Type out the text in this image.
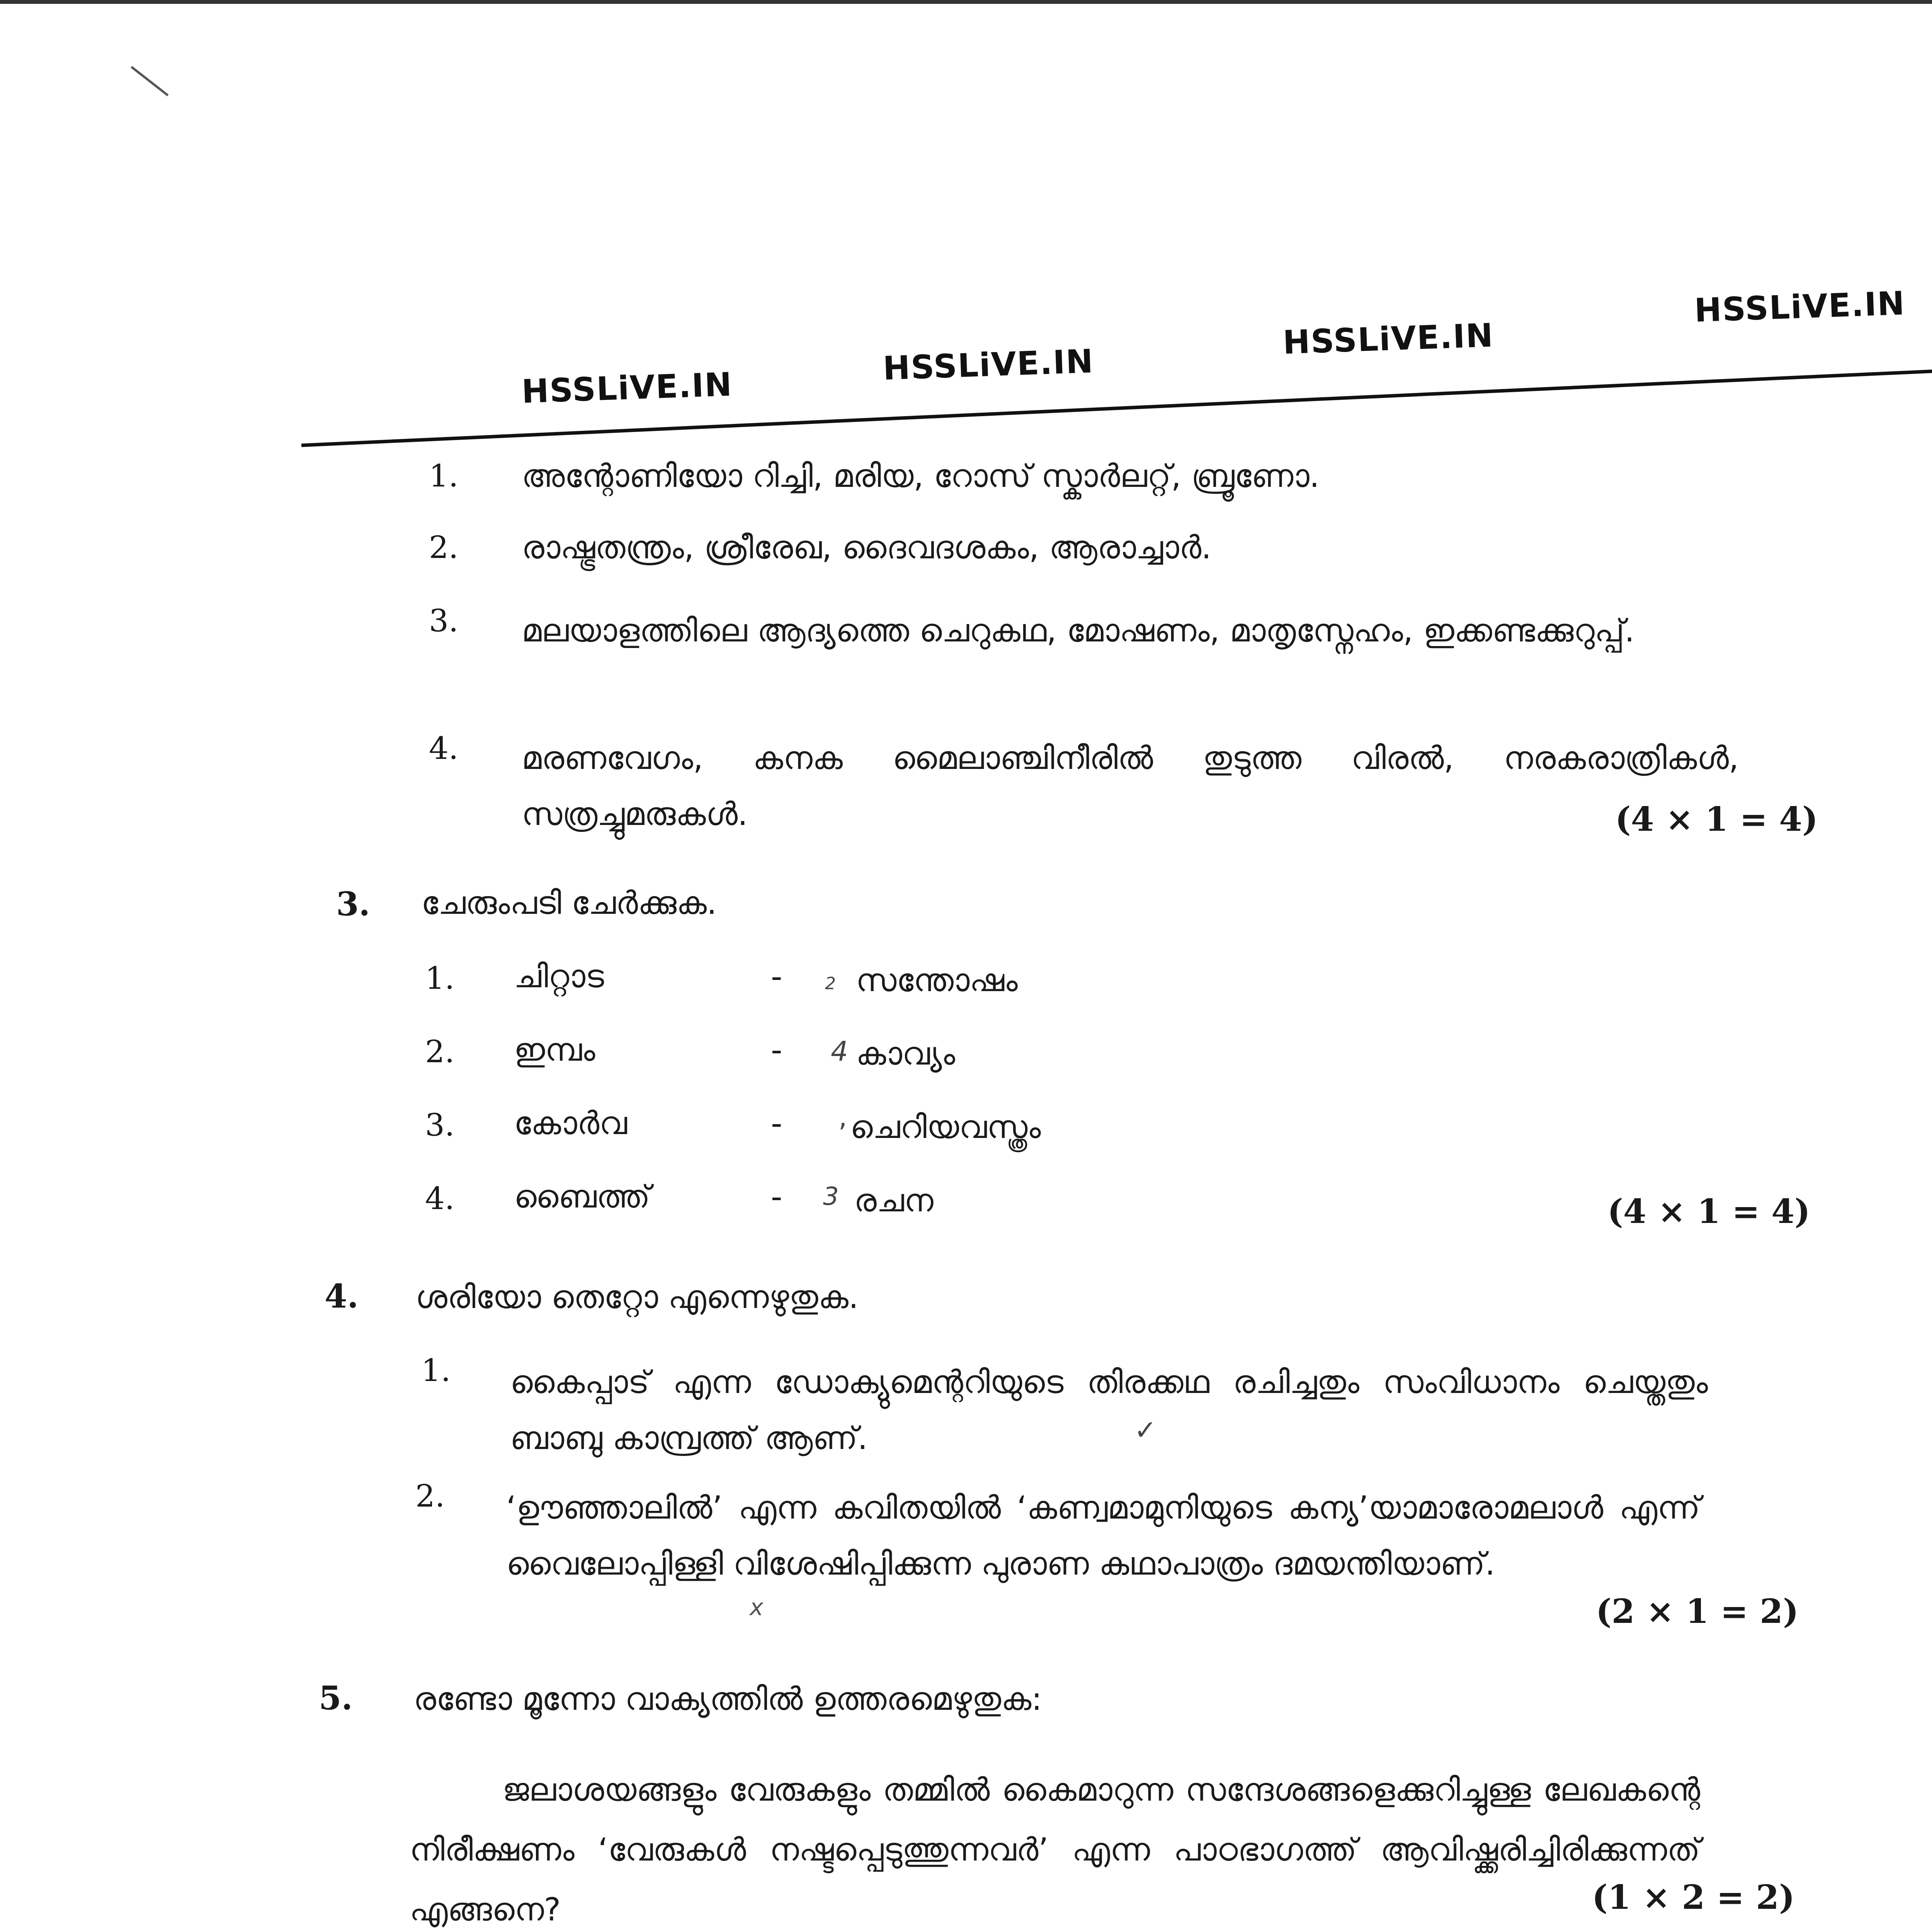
HSSLiVE.IN
HSSLiVE.IN
HSSLiVE.IN
HSSLiVE.IN
1. അന്റോണിയോ റിച്ചി, മരിയ, റോസ് സ്കാർലറ്റ്, ബ്രൂണോ.
2. രാഷ്ട്രതന്ത്രം, ശ്രീരേഖ, ദൈവദശകം, ആരാച്ചാർ.
3. മലയാളത്തിലെ ആദ്യത്തെ ചെറുകഥ, മോഷണം, മാതൃസ്നേഹം, ഇക്കണ്ടക്കുറുപ്പ്.
4. മരണവേഗം, കനക മൈലാഞ്ചിനീരിൽ തുടുത്ത വിരൽ, നരകരാത്രികൾ, സത്രച്ചുമരുകൾ.	(4 × 1 = 4)
3. ചേരുംപടി ചേർക്കുക.
1. ചിറ്റാട	-	2 സന്തോഷം
2. ഇമ്പം	- 4 കാവ്യം
3. കോർവ	- , ചെറിയവസ്ത്രം
4. ബൈത്ത്	- 3 രചന	(4 × 1 = 4)
4. ശരിയോ തെറ്റോ എന്നെഴുതുക.
1. കൈപ്പാട് എന്ന ഡോക്യുമെന്ററിയുടെ തിരക്കഥ രചിച്ചതും സംവിധാനം ചെയ്തതും ബാബു കാമ്പ്രത്ത് ആണ്.	✓
2. ‘ഊഞ്ഞാലിൽ’ എന്ന കവിതയിൽ ‘കണ്വമാമുനിയുടെ കന്യ’യാമാരോമലാൾ എന്ന് വൈലോപ്പിള്ളി വിശേഷിപ്പിക്കുന്ന പുരാണ കഥാപാത്രം ദമയന്തിയാണ്.
x	(2 × 1 = 2)
5. രണ്ടോ മൂന്നോ വാക്യത്തിൽ ഉത്തരമെഴുതുക:
ജലാശയങ്ങളും വേരുകളും തമ്മിൽ കൈമാറുന്ന സന്ദേശങ്ങളെക്കുറിച്ചുള്ള ലേഖകന്റെ നിരീക്ഷണം ‘വേരുകൾ നഷ്ടപ്പെടുത്തുന്നവർ’ എന്ന പാഠഭാഗത്ത് ആവിഷ്ക്കരിച്ചിരിക്കുന്നത് എങ്ങനെ?	(1 × 2 = 2)
